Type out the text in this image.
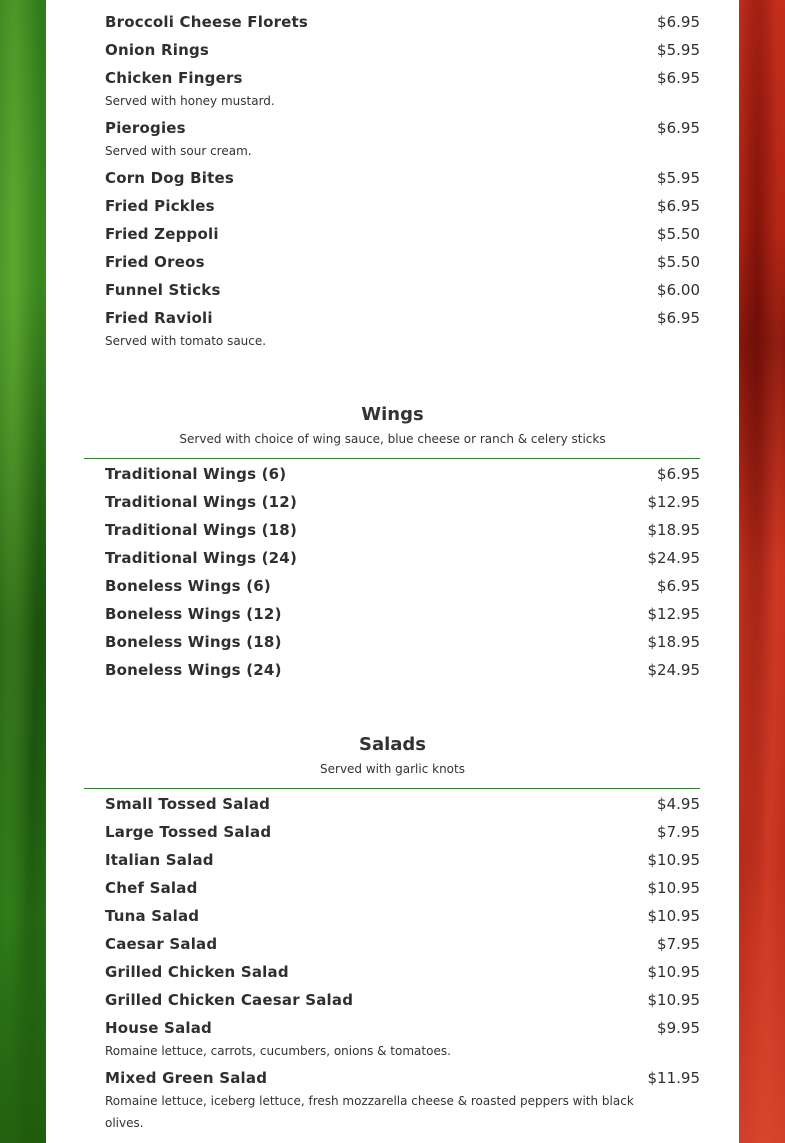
Broccoli Cheese Florets	$6.95
Onion Rings	$5.95
Chicken Fingers	$6.95
Served with honey mustard.
Pierogies	$6.95
Served with sour cream.
Corn Dog Bites	$5.95
Fried Pickles	$6.95
Fried Zeppoli	$5.50
Fried Oreos	$5.50
Funnel Sticks	$6.00
Fried Ravioli	$6.95
Served with tomato sauce.
Wings
Served with choice of wing sauce, blue cheese or ranch & celery sticks
Traditional Wings (6)	$6.95
Traditional Wings (12)	$12.95
Traditional Wings (18)	$18.95
Traditional Wings (24)	$24.95
Boneless Wings (6)	$6.95
Boneless Wings (12)	$12.95
Boneless Wings (18)	$18.95
Boneless Wings (24)	$24.95
Salads
Served with garlic knots
Small Tossed Salad	$4.95
Large Tossed Salad	$7.95
Italian Salad	$10.95
Chef Salad	$10.95
Tuna Salad	$10.95
Caesar Salad	$7.95
Grilled Chicken Salad	$10.95
Grilled Chicken Caesar Salad	$10.95
House Salad	$9.95
Romaine lettuce, carrots, cucumbers, onions & tomatoes.
Mixed Green Salad	$11.95
Romaine lettuce, iceberg lettuce, fresh mozzarella cheese & roasted peppers with black olives.
